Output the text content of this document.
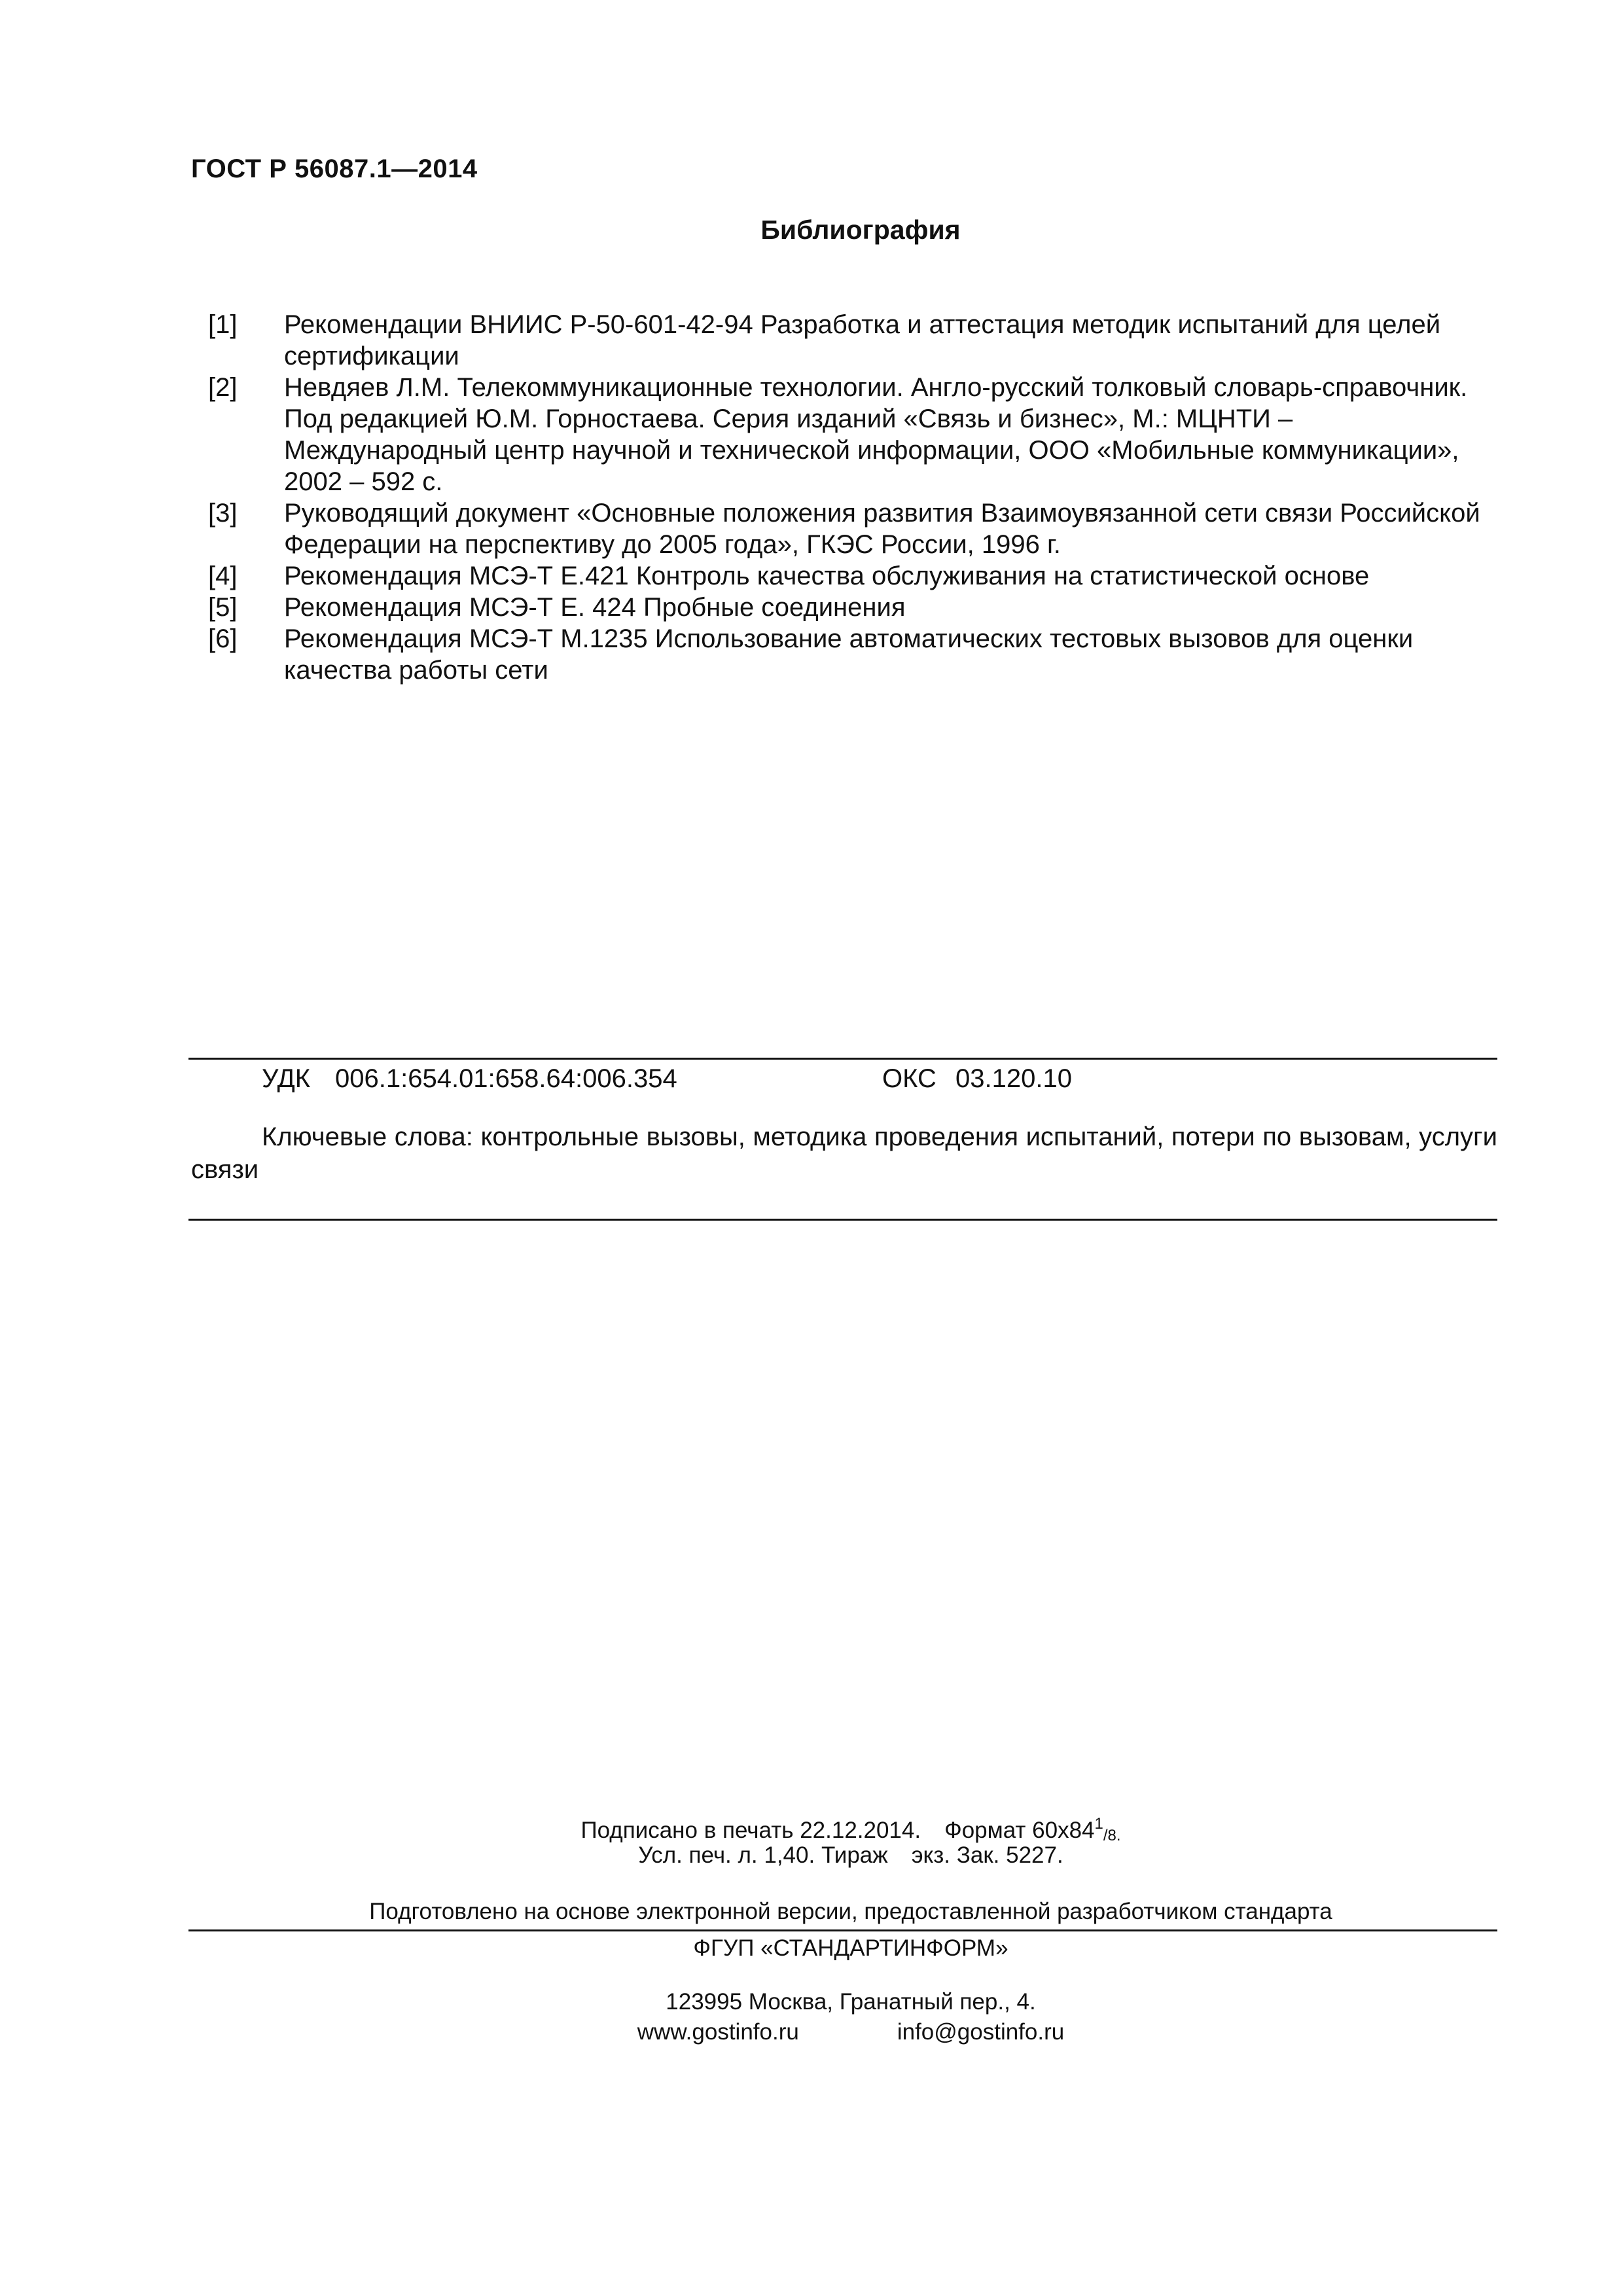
ГОСТ Р 56087.1—2014
Библиография
[1]	Рекомендации ВНИИС Р-50-601-42-94 Разработка и аттестация методик испытаний для целей сертификации
[2]	Невдяев Л.М. Телекоммуникационные технологии. Англо-русский толковый словарь-справочник. Под редакцией Ю.М. Горностаева. Серия изданий «Связь и бизнес», М.: МЦНТИ – Международный центр научной и технической информации, ООО «Мобильные коммуникации», 2002 – 592 с.
[3]	Руководящий документ «Основные положения развития Взаимоувязанной сети связи Российской Федерации на перспективу до 2005 года», ГКЭС России, 1996 г.
[4]	Рекомендация МСЭ-Т Е.421 Контроль качества обслуживания на статистической основе
[5]	Рекомендация МСЭ-Т Е. 424 Пробные соединения
[6]	Рекомендация МСЭ-Т М.1235 Использование автоматических тестовых вызовов для оценки качества работы сети
УДК 006.1:654.01:658.64:006.354	ОКС 03.120.10
Ключевые слова: контрольные вызовы, методика проведения испытаний, потери по вызовам, услуги связи
Подписано в печать 22.12.2014. Формат $60х84^1/8$.
Усл. печ. л. 1,40. Тираж экз. Зак. 5227.
Подготовлено на основе электронной версии, предоставленной разработчиком стандарта
ФГУП «СТАНДАРТИНФОРМ»
123995 Москва, Гранатный пер., 4.
www.gostinfo.ru	info@gostinfo.ru
